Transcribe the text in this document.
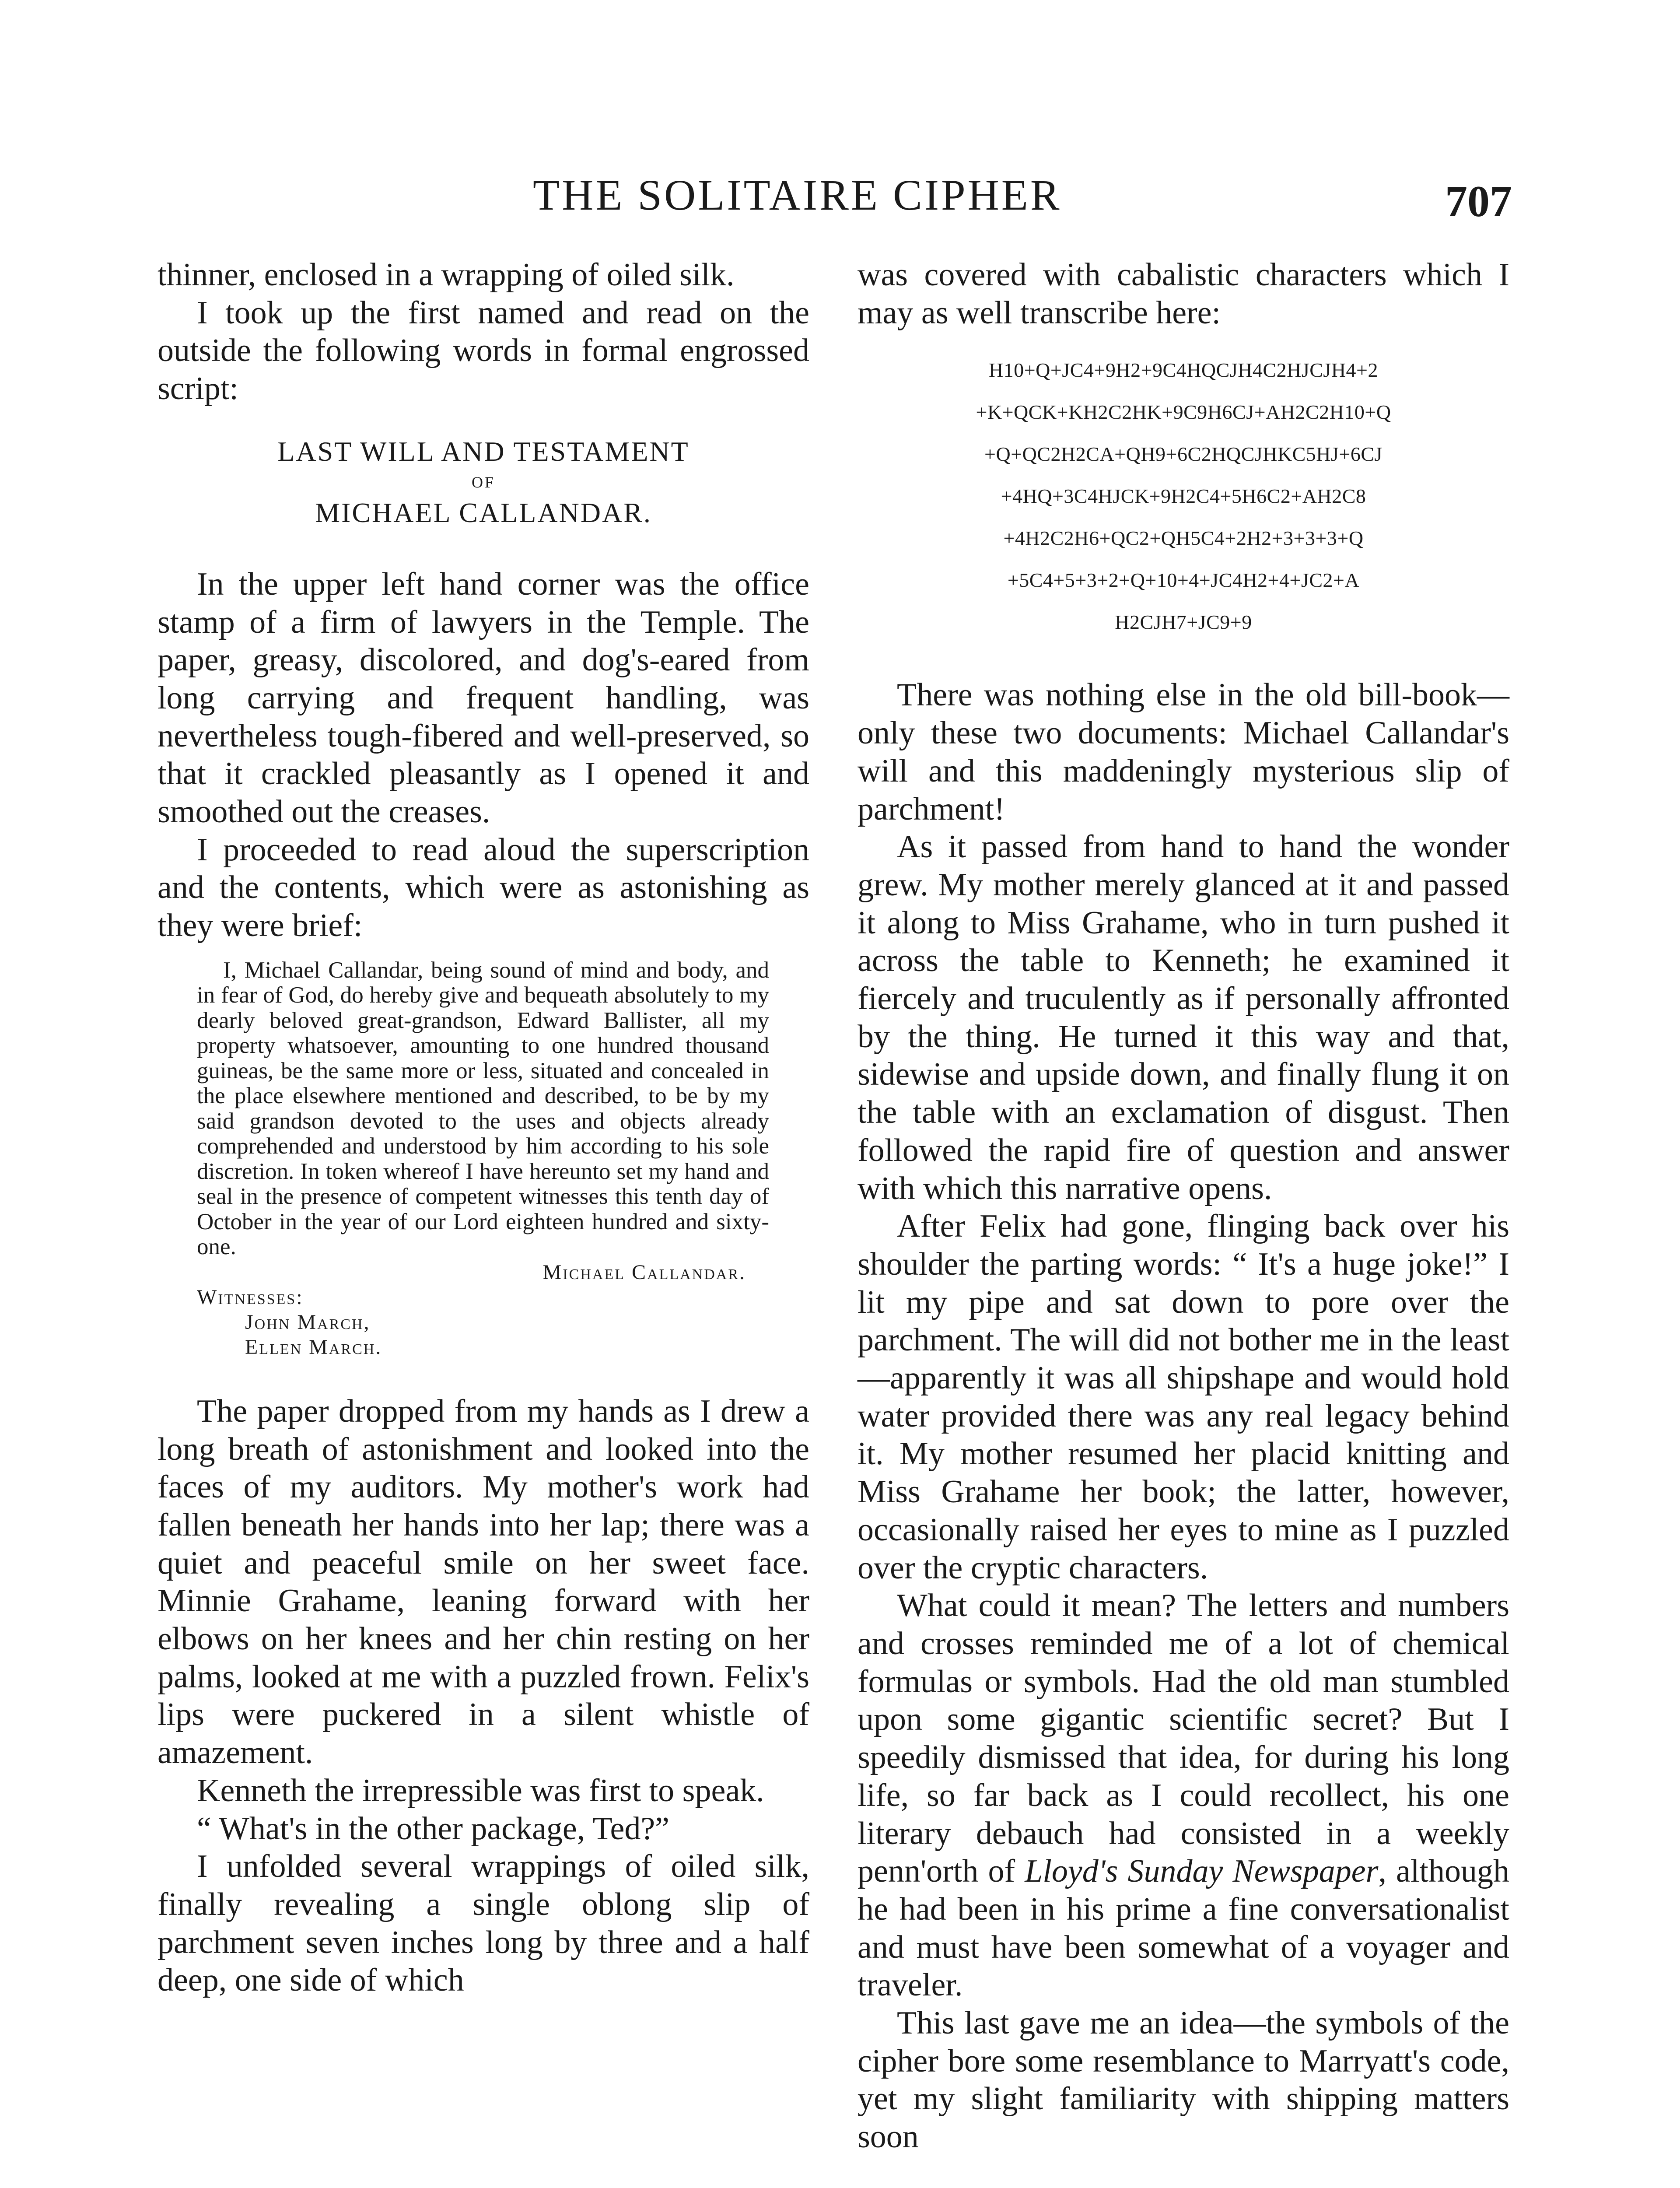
THE SOLITAIRE CIPHER	707

thinner, enclosed in a wrapping of oiled silk.

I took up the first named and read on the outside the following words in formal engrossed script:

LAST WILL AND TESTAMENT
OF
MICHAEL CALLANDAR.

In the upper left hand corner was the office stamp of a firm of lawyers in the Temple. The paper, greasy, discolored, and dog's-eared from long carrying and frequent handling, was nevertheless tough-fibered and well-preserved, so that it crackled pleasantly as I opened it and smoothed out the creases.

I proceeded to read aloud the superscription and the contents, which were as astonishing as they were brief:

I, Michael Callandar, being sound of mind and body, and in fear of God, do hereby give and bequeath absolutely to my dearly beloved great-grandson, Edward Ballister, all my property whatsoever, amounting to one hundred thousand guineas, be the same more or less, situated and concealed in the place elsewhere mentioned and described, to be by my said grandson devoted to the uses and objects already comprehended and understood by him according to his sole discretion. In token whereof I have hereunto set my hand and seal in the presence of competent witnesses this tenth day of October in the year of our Lord eighteen hundred and sixty-one.
Michael Callandar.
Witnesses:
John March,
Ellen March.

The paper dropped from my hands as I drew a long breath of astonishment and looked into the faces of my auditors. My mother's work had fallen beneath her hands into her lap; there was a quiet and peaceful smile on her sweet face. Minnie Grahame, leaning forward with her elbows on her knees and her chin resting on her palms, looked at me with a puzzled frown. Felix's lips were puckered in a silent whistle of amazement.

Kenneth the irrepressible was first to speak.

“ What's in the other package, Ted?”

I unfolded several wrappings of oiled silk, finally revealing a single oblong slip of parchment seven inches long by three and a half deep, one side of which

was covered with cabalistic characters which I may as well transcribe here:

H10+Q+JC4+9H2+9C4HQCJH4C2HJCJH4+2
+K+QCK+KH2C2HK+9C9H6CJ+AH2C2H10+Q
+Q+QC2H2CA+QH9+6C2HQCJHKC5HJ+6CJ
+4HQ+3C4HJCK+9H2C4+5H6C2+AH2C8
+4H2C2H6+QC2+QH5C4+2H2+3+3+3+Q
+5C4+5+3+2+Q+10+4+JC4H2+4+JC2+A
H2CJH7+JC9+9

There was nothing else in the old bill-book—only these two documents: Michael Callandar's will and this maddeningly mysterious slip of parchment!

As it passed from hand to hand the wonder grew. My mother merely glanced at it and passed it along to Miss Grahame, who in turn pushed it across the table to Kenneth; he examined it fiercely and truculently as if personally affronted by the thing. He turned it this way and that, sidewise and upside down, and finally flung it on the table with an exclamation of disgust. Then followed the rapid fire of question and answer with which this narrative opens.

After Felix had gone, flinging back over his shoulder the parting words: “ It's a huge joke!” I lit my pipe and sat down to pore over the parchment. The will did not bother me in the least —apparently it was all shipshape and would hold water provided there was any real legacy behind it. My mother resumed her placid knitting and Miss Grahame her book; the latter, however, occasionally raised her eyes to mine as I puzzled over the cryptic characters.

What could it mean? The letters and numbers and crosses reminded me of a lot of chemical formulas or symbols. Had the old man stumbled upon some gigantic scientific secret? But I speedily dismissed that idea, for during his long life, so far back as I could recollect, his one literary debauch had consisted in a weekly penn'orth of Lloyd's Sunday Newspaper, although he had been in his prime a fine conversationalist and must have been somewhat of a voyager and traveler.

This last gave me an idea—the symbols of the cipher bore some resemblance to Marryatt's code, yet my slight familiarity with shipping matters soon
